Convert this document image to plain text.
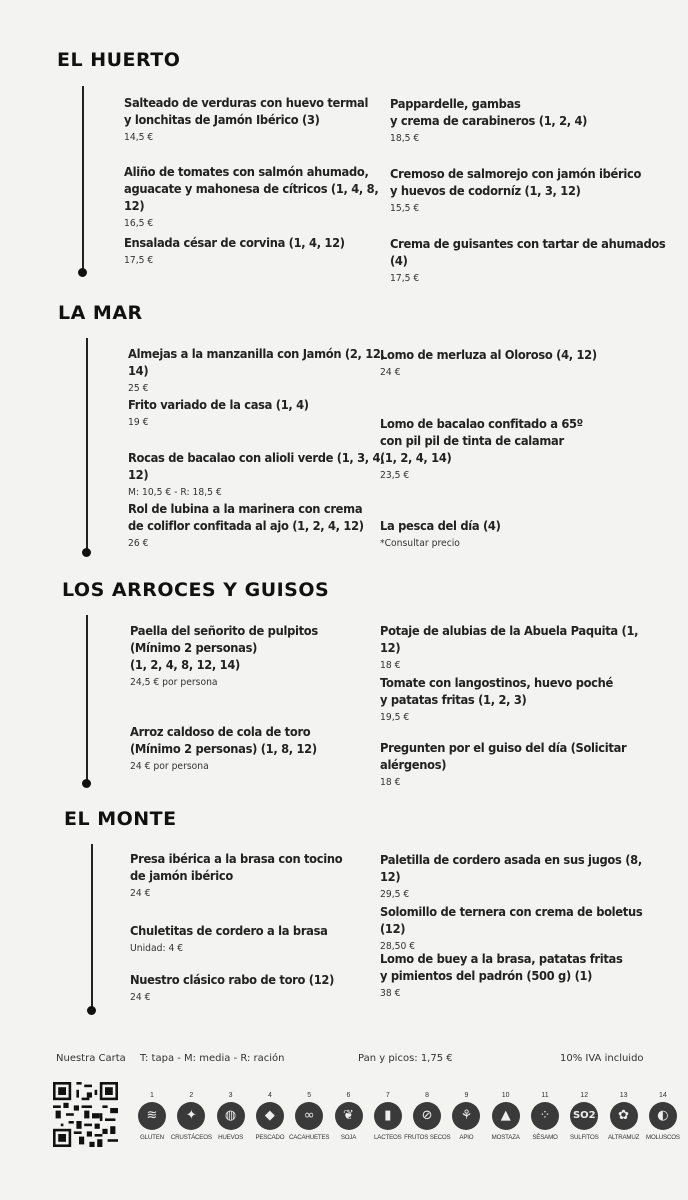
EL HUERTO
Salteado de verduras con huevo termal
y lonchitas de Jamón Ibérico (3)
14,5 €
Aliño de tomates con salmón ahumado,
aguacate y mahonesa de cítricos (1, 4, 8, 12)
16,5 €
Ensalada césar de corvina (1, 4, 12)
17,5 €
Pappardelle, gambas
y crema de carabineros (1, 2, 4)
18,5 €
Cremoso de salmorejo con jamón ibérico
y huevos de codorníz (1, 3, 12)
15,5 €
Crema de guisantes con tartar de ahumados (4)
17,5 €
LA MAR
Almejas a la manzanilla con Jamón (2, 12, 14)
25 €
Frito variado de la casa (1, 4)
19 €
Rocas de bacalao con alioli verde (1, 3, 4, 12)
M: 10,5 € - R: 18,5 €
Rol de lubina a la marinera con crema
de coliflor confitada al ajo (1, 2, 4, 12)
26 €
Lomo de merluza al Oloroso (4, 12)
24 €
Lomo de bacalao confitado a 65º
con pil pil de tinta de calamar
(1, 2, 4, 14)
23,5 €
La pesca del día (4)
*Consultar precio
LOS ARROCES Y GUISOS
Paella del señorito de pulpitos
(Mínimo 2 personas)
(1, 2, 4, 8, 12, 14)
24,5 € por persona
Arroz caldoso de cola de toro
(Mínimo 2 personas) (1, 8, 12)
24 € por persona
Potaje de alubias de la Abuela Paquita (1, 12)
18 €
Tomate con langostinos, huevo poché
y patatas fritas (1, 2, 3)
19,5 €
Pregunten por el guiso del día (Solicitar alérgenos)
18 €
EL MONTE
Presa ibérica a la brasa con tocino
de jamón ibérico
24 €
Chuletitas de cordero a la brasa
Unidad: 4 €
Nuestro clásico rabo de toro (12)
24 €
Paletilla de cordero asada en sus jugos (8, 12)
29,5 €
Solomillo de ternera con crema de boletus (12)
28,50 €
Lomo de buey a la brasa, patatas fritas
y pimientos del padrón (500 g) (1)
38 €
Nuestra Carta T: tapa - M: media - R: ración	Pan y picos: 1,75 €	10% IVA incluido
1
≋
GLUTEN
2
✦
CRUSTÁCEOS
3
◍
HUEVOS
4
◆
PESCADO
5
∞
CACAHUETES
6
❦
SOJA
7
▮
LACTEOS
8
⊘
FRUTOS SECOS
9
⚘
APIO
10
▲
MOSTAZA
11
⁘
SÉSAMO
12
SO2
SULFITOS
13
✿
ALTRAMUZ
14
◐
MOLUSCOS
